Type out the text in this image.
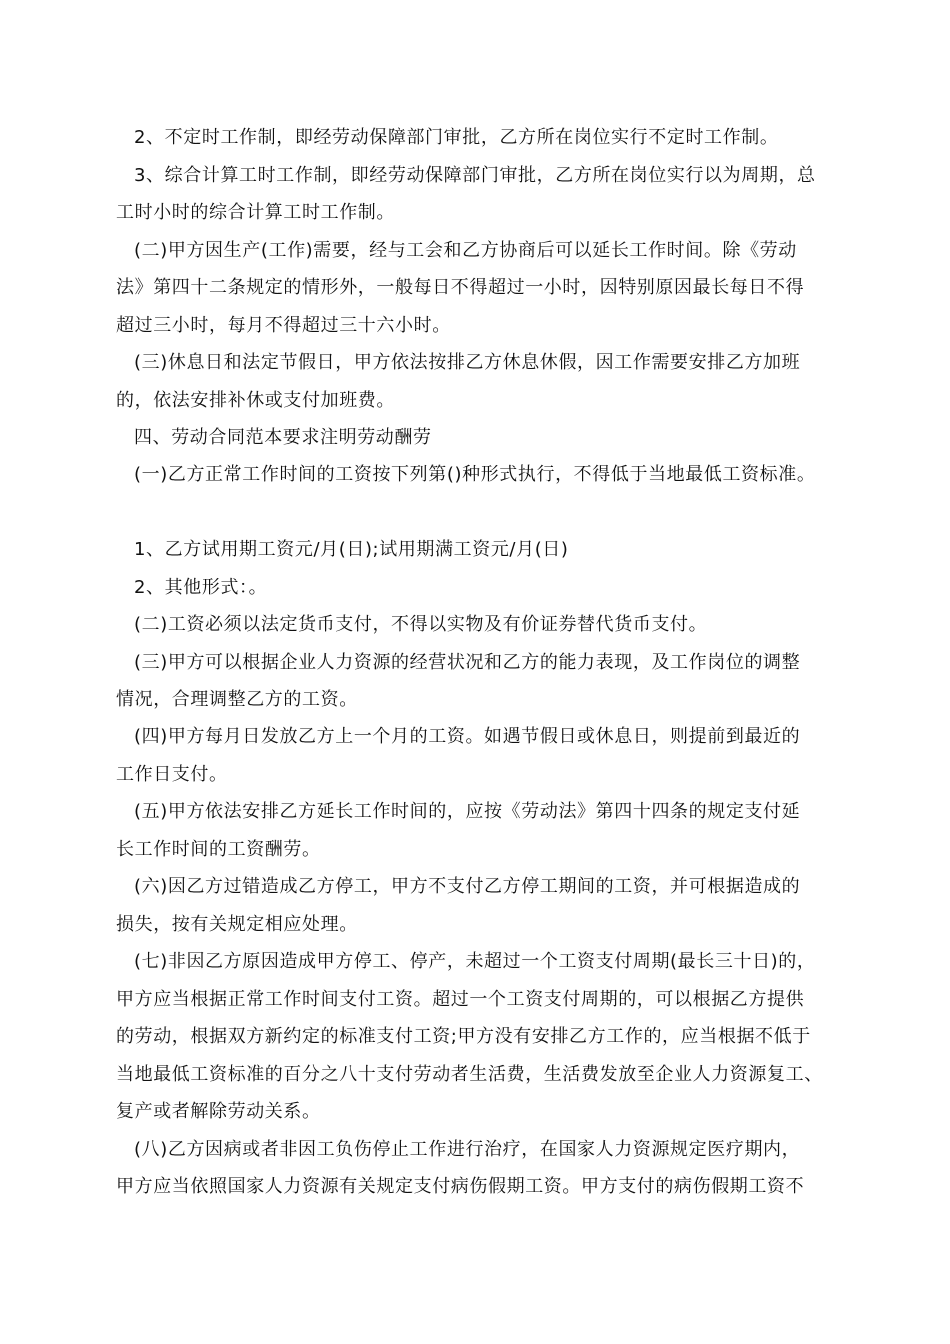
2、不定时工作制，即经劳动保障部门审批，乙方所在岗位实行不定时工作制。
3、综合计算工时工作制，即经劳动保障部门审批，乙方所在岗位实行以为周期，总
工时小时的综合计算工时工作制。
(二)甲方因生产(工作)需要，经与工会和乙方协商后可以延长工作时间。除《劳动
法》第四十二条规定的情形外，一般每日不得超过一小时，因特别原因最长每日不得
超过三小时，每月不得超过三十六小时。
(三)休息日和法定节假日，甲方依法按排乙方休息休假，因工作需要安排乙方加班
的，依法安排补休或支付加班费。
四、劳动合同范本要求注明劳动酬劳
(一)乙方正常工作时间的工资按下列第()种形式执行，不得低于当地最低工资标准。
1、乙方试用期工资元/月(日);试用期满工资元/月(日)
2、其他形式：。
(二)工资必须以法定货币支付，不得以实物及有价证券替代货币支付。
(三)甲方可以根据企业人力资源的经营状况和乙方的能力表现，及工作岗位的调整
情况，合理调整乙方的工资。
(四)甲方每月日发放乙方上一个月的工资。如遇节假日或休息日，则提前到最近的
工作日支付。
(五)甲方依法安排乙方延长工作时间的，应按《劳动法》第四十四条的规定支付延
长工作时间的工资酬劳。
(六)因乙方过错造成乙方停工，甲方不支付乙方停工期间的工资，并可根据造成的
损失，按有关规定相应处理。
(七)非因乙方原因造成甲方停工、停产，未超过一个工资支付周期(最长三十日)的，
甲方应当根据正常工作时间支付工资。超过一个工资支付周期的，可以根据乙方提供
的劳动，根据双方新约定的标准支付工资;甲方没有安排乙方工作的，应当根据不低于
当地最低工资标准的百分之八十支付劳动者生活费，生活费发放至企业人力资源复工、
复产或者解除劳动关系。
(八)乙方因病或者非因工负伤停止工作进行治疗，在国家人力资源规定医疗期内，
甲方应当依照国家人力资源有关规定支付病伤假期工资。甲方支付的病伤假期工资不
